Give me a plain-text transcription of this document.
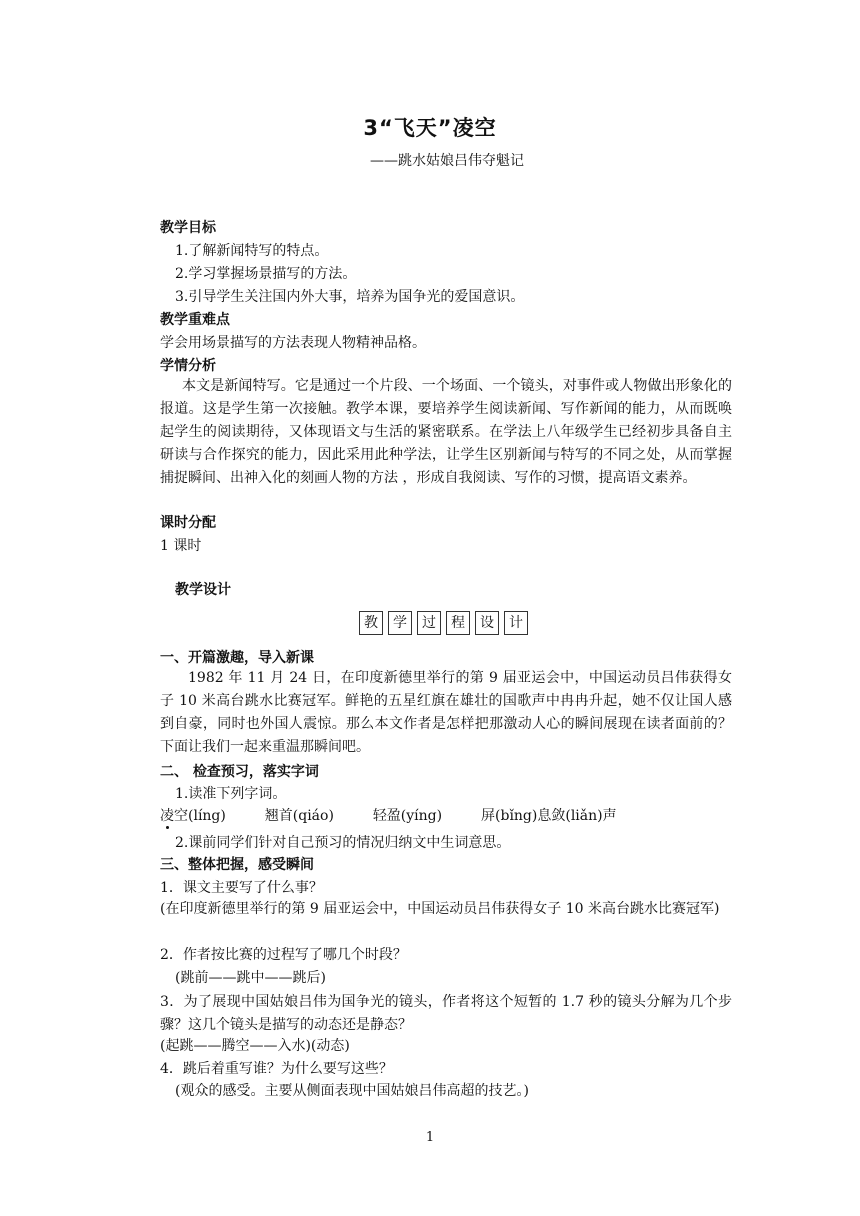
3“飞天”凌空
——跳水姑娘吕伟夺魁记
教学目标
1.了解新闻特写的特点。
2.学习掌握场景描写的方法。
3.引导学生关注国内外大事，培养为国争光的爱国意识。
教学重难点
学会用场景描写的方法表现人物精神品格。
学情分析
本文是新闻特写。它是通过一个片段、一个场面、一个镜头，对事件或人物做出形象化的报道。这是学生第一次接触。教学本课，要培养学生阅读新闻、写作新闻的能力，从而既唤起学生的阅读期待，又体现语文与生活的紧密联系。在学法上八年级学生已经初步具备自主研读与合作探究的能力，因此采用此种学法，让学生区别新闻与特写的不同之处，从而掌握捕捉瞬间、出神入化的刻画人物的方法 ，形成自我阅读、写作的习惯，提高语文素养。
课时分配
1 课时
教学设计
教	学	过	程	设	计
一、开篇激趣，导入新课
1982 年 11 月 24 日，在印度新德里举行的第 9 届亚运会中，中国运动员吕伟获得女子 10 米高台跳水比赛冠军。鲜艳的五星红旗在雄壮的国歌声中冉冉升起，她不仅让国人感到自豪，同时也外国人震惊。那么本文作者是怎样把那激动人心的瞬间展现在读者面前的？下面让我们一起来重温那瞬间吧。
二、 检查预习，落实字词
1.读准下列字词。
凌空(líng)	翘首(qiáo)	轻盈(yíng)	屏(bǐng)息敛(liǎn)声
2.课前同学们针对自己预习的情况归纳文中生词意思。
三、整体把握，感受瞬间
1．课文主要写了什么事？
(在印度新德里举行的第 9 届亚运会中，中国运动员吕伟获得女子 10 米高台跳水比赛冠军)
2．作者按比赛的过程写了哪几个时段？
(跳前——跳中——跳后)
3．为了展现中国姑娘吕伟为国争光的镜头，作者将这个短暂的 1.7 秒的镜头分解为几个步骤？这几个镜头是描写的动态还是静态？
(起跳——腾空——入水)(动态)
4．跳后着重写谁？为什么要写这些？
(观众的感受。主要从侧面表现中国姑娘吕伟高超的技艺。)
1
